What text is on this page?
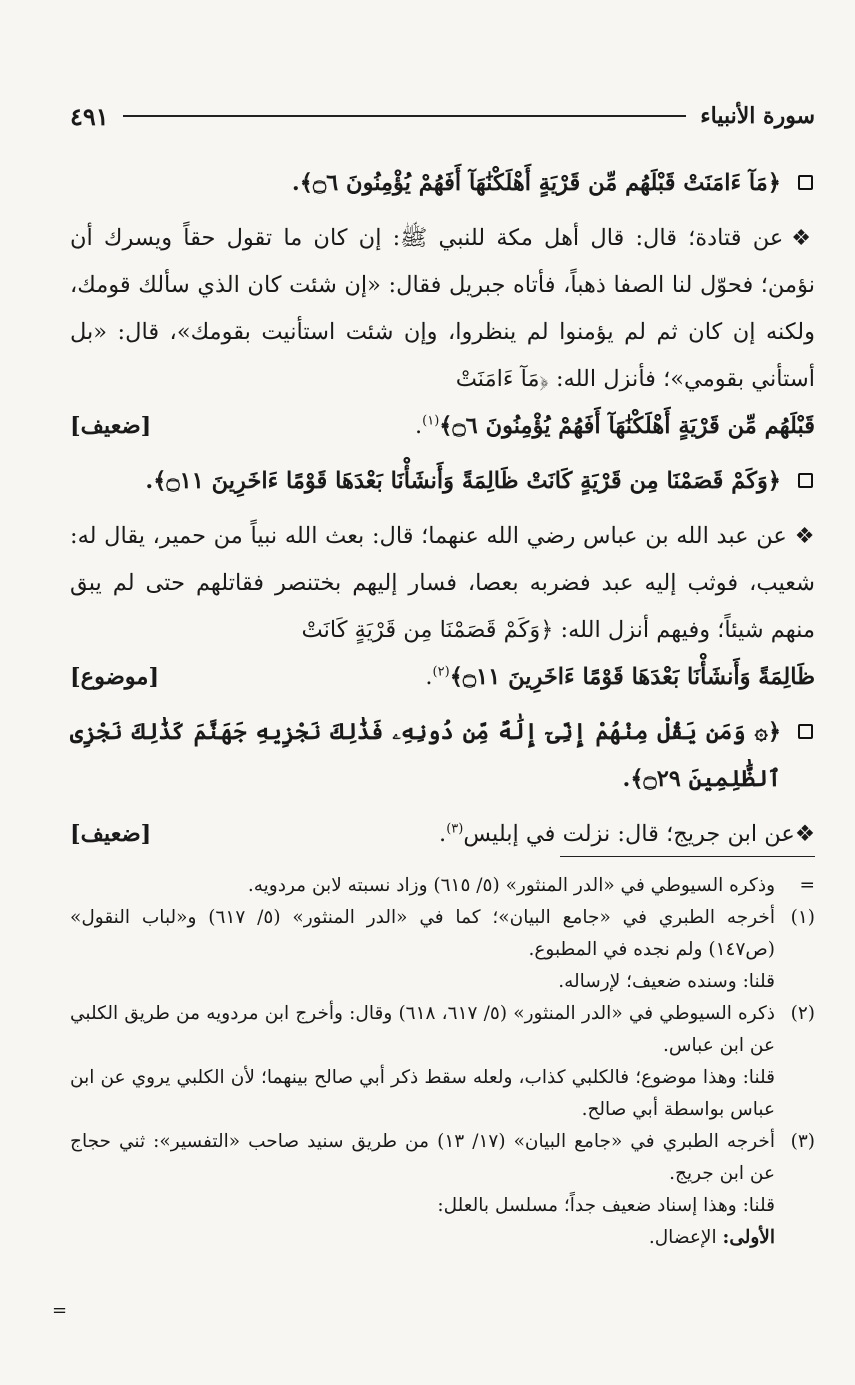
سورة الأنبياء
٤٩١
﴿مَآ ءَامَنَتْ قَبْلَهُم مِّن قَرْيَةٍ أَهْلَكْنَٰهَآ أَفَهُمْ يُؤْمِنُونَ ۝٦﴾.
❖عن قتادة؛ قال: قال أهل مكة للنبي ﷺ: إن كان ما تقول حقاً ويسرك أن نؤمن؛ فحوّل لنا الصفا ذهباً، فأتاه جبريل فقال: «إن شئت كان الذي سألك قومك، ولكنه إن كان ثم لم يؤمنوا لم ينظروا، وإن شئت استأنيت بقومك»، قال: «بل أستأني بقومي»؛ فأنزل الله: ﴿مَآ ءَامَنَتْ
قَبْلَهُم مِّن قَرْيَةٍ أَهْلَكْنَٰهَآ أَفَهُمْ يُؤْمِنُونَ ۝٦﴾$^{(١)}$.
[ضعيف]
﴿وَكَمْ قَصَمْنَا مِن قَرْيَةٍ كَانَتْ ظَالِمَةً وَأَنشَأْنَا بَعْدَهَا قَوْمًا ءَاخَرِينَ ۝١١﴾.
❖عن عبد الله بن عباس رضي الله عنهما؛ قال: بعث الله نبياً من حمير، يقال له: شعيب، فوثب إليه عبد فضربه بعصا، فسار إليهم بختنصر فقاتلهم حتى لم يبق منهم شيئاً؛ وفيهم أنزل الله: ﴿وَكَمْ قَصَمْنَا مِن قَرْيَةٍ كَانَتْ
ظَالِمَةً وَأَنشَأْنَا بَعْدَهَا قَوْمًا ءَاخَرِينَ ۝١١﴾$^{(٢)}$.
[موضوع]
﴿۞ وَمَن يَقُلْ مِنْهُمْ إِنِّىٓ إِلَٰهٌ مِّن دُونِهِۦ فَذَٰلِكَ نَجْزِيهِ جَهَنَّمَ كَذَٰلِكَ نَجْزِى ٱلظَّٰلِمِينَ ۝٢٩﴾.
❖عن ابن جريج؛ قال: نزلت في إبليس$^{(٣)}$.
[ضعيف]
=
وذكره السيوطي في «الدر المنثور» (٥/ ٦١٥) وزاد نسبته لابن مردويه.
(١)
أخرجه الطبري في «جامع البيان»؛ كما في «الدر المنثور» (٥/ ٦١٧) و«لباب النقول» (ص١٤٧) ولم نجده في المطبوع.
قلنا: وسنده ضعيف؛ لإرساله.
(٢)
ذكره السيوطي في «الدر المنثور» (٥/ ٦١٧، ٦١٨) وقال: وأخرج ابن مردويه من طريق الكلبي عن ابن عباس.
قلنا: وهذا موضوع؛ فالكلبي كذاب، ولعله سقط ذكر أبي صالح بينهما؛ لأن الكلبي يروي عن ابن عباس بواسطة أبي صالح.
(٣)
أخرجه الطبري في «جامع البيان» (١٧/ ١٣) من طريق سنيد صاحب «التفسير»: ثني حجاج عن ابن جريج.
قلنا: وهذا إسناد ضعيف جداً؛ مسلسل بالعلل:
الأولى: الإعضال.
=
